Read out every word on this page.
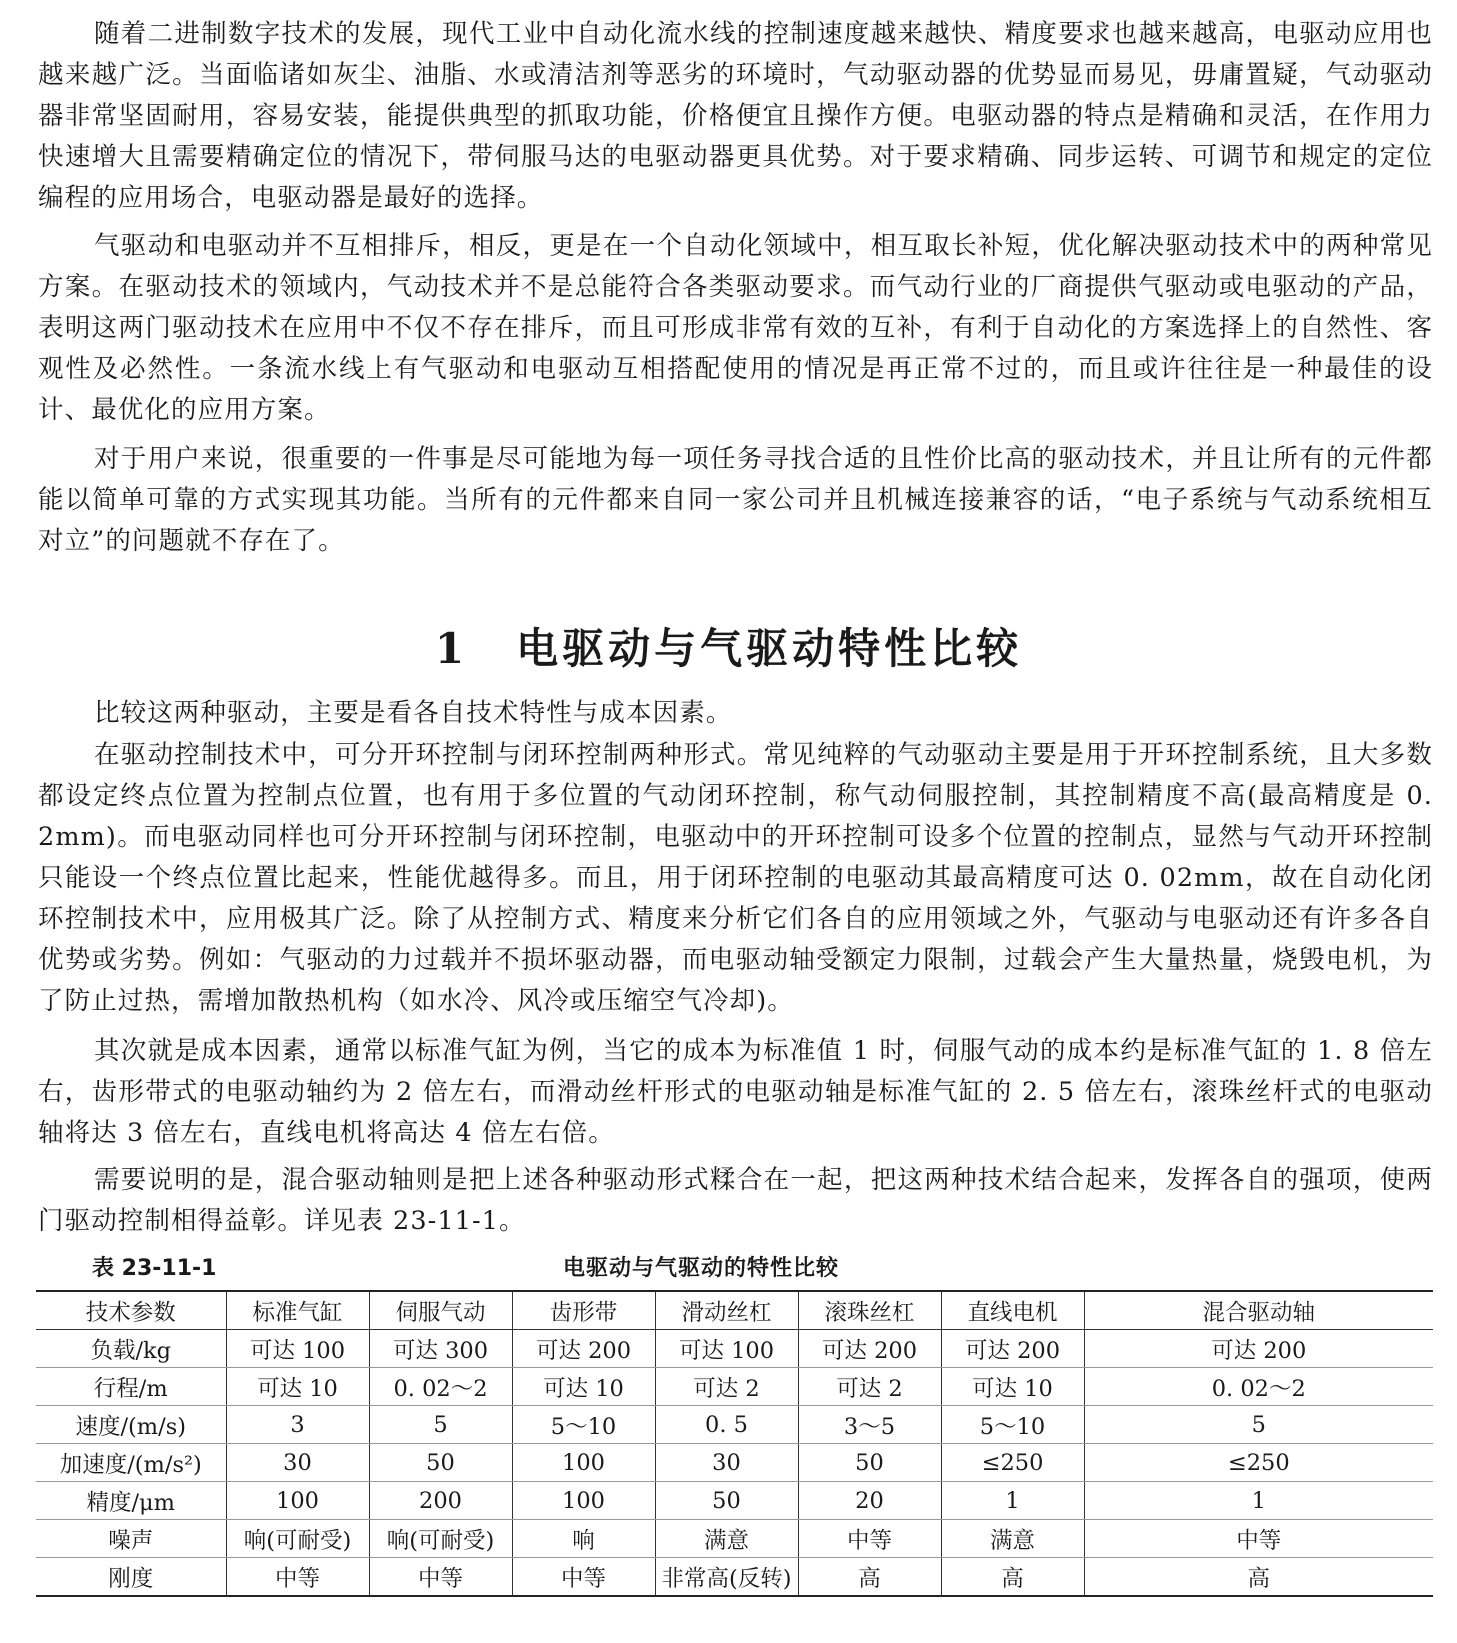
随着二进制数字技术的发展，现代工业中自动化流水线的控制速度越来越快、精度要求也越来越高，电驱动应用也越来越广泛。当面临诸如灰尘、油脂、水或清洁剂等恶劣的环境时，气动驱动器的优势显而易见，毋庸置疑，气动驱动器非常坚固耐用，容易安装，能提供典型的抓取功能，价格便宜且操作方便。电驱动器的特点是精确和灵活，在作用力快速增大且需要精确定位的情况下，带伺服马达的电驱动器更具优势。对于要求精确、同步运转、可调节和规定的定位编程的应用场合，电驱动器是最好的选择。

气驱动和电驱动并不互相排斥，相反，更是在一个自动化领域中，相互取长补短，优化解决驱动技术中的两种常见方案。在驱动技术的领域内，气动技术并不是总能符合各类驱动要求。而气动行业的厂商提供气驱动或电驱动的产品，表明这两门驱动技术在应用中不仅不存在排斥，而且可形成非常有效的互补，有利于自动化的方案选择上的自然性、客观性及必然性。一条流水线上有气驱动和电驱动互相搭配使用的情况是再正常不过的，而且或许往往是一种最佳的设计、最优化的应用方案。

对于用户来说，很重要的一件事是尽可能地为每一项任务寻找合适的且性价比高的驱动技术，并且让所有的元件都能以简单可靠的方式实现其功能。当所有的元件都来自同一家公司并且机械连接兼容的话，“电子系统与气动系统相互对立”的问题就不存在了。

1 电驱动与气驱动特性比较

比较这两种驱动，主要是看各自技术特性与成本因素。

在驱动控制技术中，可分开环控制与闭环控制两种形式。常见纯粹的气动驱动主要是用于开环控制系统，且大多数都设定终点位置为控制点位置，也有用于多位置的气动闭环控制，称气动伺服控制，其控制精度不高(最高精度是 0. 2mm)。而电驱动同样也可分开环控制与闭环控制，电驱动中的开环控制可设多个位置的控制点，显然与气动开环控制只能设一个终点位置比起来，性能优越得多。而且，用于闭环控制的电驱动其最高精度可达 0. 02mm，故在自动化闭环控制技术中，应用极其广泛。除了从控制方式、精度来分析它们各自的应用领域之外，气驱动与电驱动还有许多各自优势或劣势。例如：气驱动的力过载并不损坏驱动器，而电驱动轴受额定力限制，过载会产生大量热量，烧毁电机，为了防止过热，需增加散热机构（如水冷、风冷或压缩空气冷却)。

其次就是成本因素，通常以标准气缸为例，当它的成本为标准值 1 时，伺服气动的成本约是标准气缸的 1. 8 倍左右，齿形带式的电驱动轴约为 2 倍左右，而滑动丝杆形式的电驱动轴是标准气缸的 2. 5 倍左右，滚珠丝杆式的电驱动轴将达 3 倍左右，直线电机将高达 4 倍左右倍。

需要说明的是，混合驱动轴则是把上述各种驱动形式糅合在一起，把这两种技术结合起来，发挥各自的强项，使两门驱动控制相得益彰。详见表 23-11-1。

表 23-11-1	电驱动与气驱动的特性比较
技术参数	标准气缸	伺服气动	齿形带	滑动丝杠	滚珠丝杠	直线电机	混合驱动轴
负载/kg	可达 100	可达 300	可达 200	可达 100	可达 200	可达 200	可达 200
行程/m	可达 10	0. 02～2	可达 10	可达 2	可达 2	可达 10	0. 02～2
速度/(m/s)	3	5	5～10	0. 5	3～5	5～10	5
加速度/(m/s²)	30	50	100	30	50	≤250	≤250
精度/μm	100	200	100	50	20	1	1
噪声	响(可耐受)	响(可耐受)	响	满意	中等	满意	中等
刚度	中等	中等	中等	非常高(反转)	高	高	高
